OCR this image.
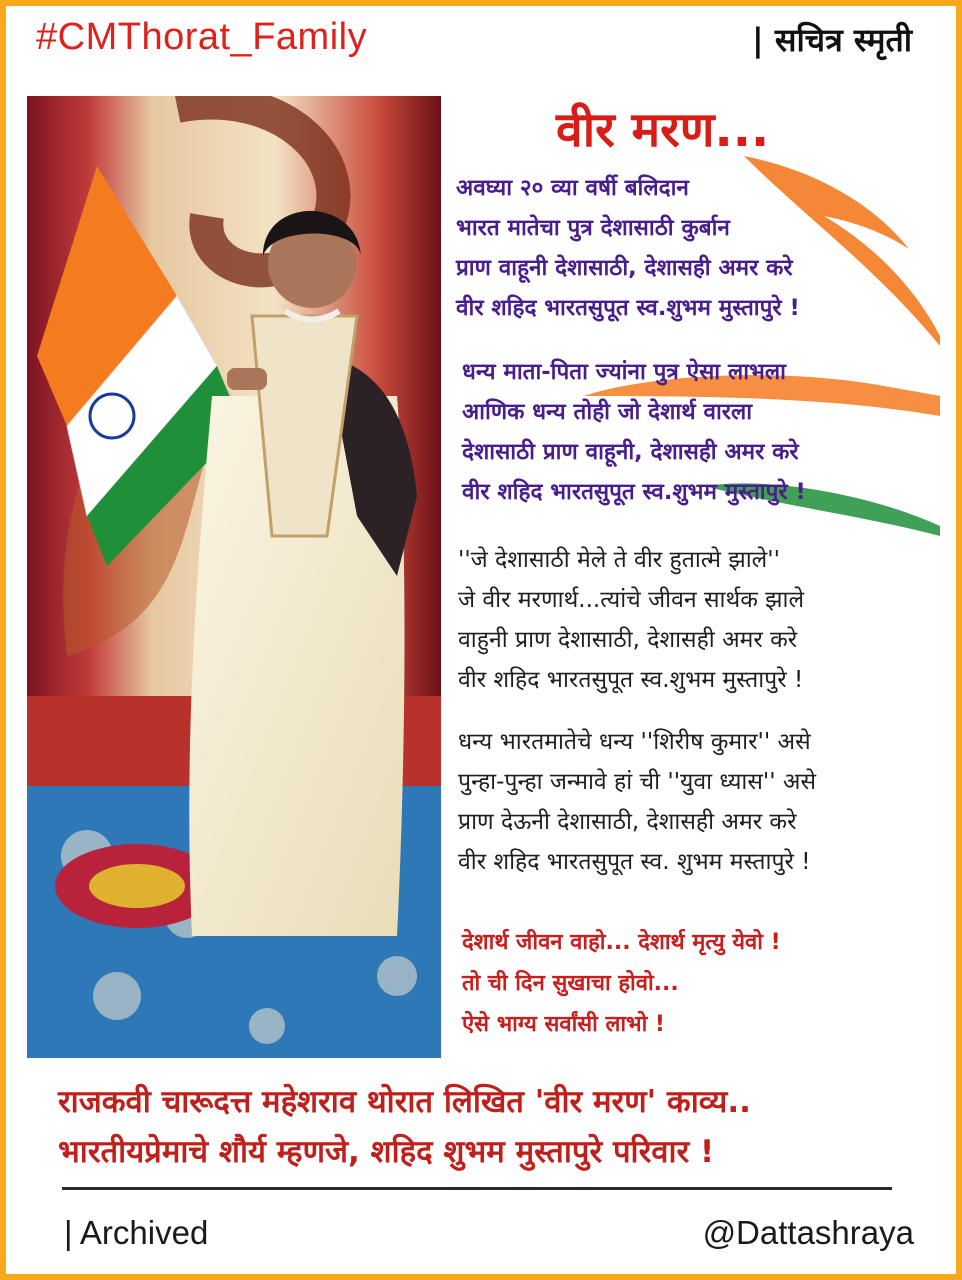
#CMThorat_Family	| सचित्र स्मृती
वीर मरण...

अवघ्या २० व्या वर्षी बलिदान

भारत मातेचा पुत्र देशासाठी कुर्बान

प्राण वाहूनी देशासाठी, देशासही अमर करे

वीर शहिद भारतसुपूत स्व.शुभम मुस्तापुरे !

धन्य माता-पिता ज्यांना पुत्र ऐसा लाभला

आणिक धन्य तोही जो देशार्थ वारला

देशासाठी प्राण वाहूनी, देशासही अमर करे

वीर शहिद भारतसुपूत स्व.शुभम मुस्तापुरे !

''जे देशासाठी मेले ते वीर हुतात्मे झाले''

जे वीर मरणार्थ...त्यांचे जीवन सार्थक झाले

वाहुनी प्राण देशासाठी, देशासही अमर करे

वीर शहिद भारतसुपूत स्व.शुभम मुस्तापुरे !

धन्य भारतमातेचे धन्य ''शिरीष कुमार'' असे

पुन्हा-पुन्हा जन्मावे हां ची ''युवा ध्यास'' असे

प्राण देऊनी देशासाठी, देशासही अमर करे

वीर शहिद भारतसुपूत स्व. शुभम मस्तापुरे !

देशार्थ जीवन वाहो... देशार्थ मृत्यु येवो !

तो ची दिन सुखाचा होवो...

ऐसे भाग्य सर्वांसी लाभो !

राजकवी चारूदत्त महेशराव थोरात लिखित 'वीर मरण' काव्य..
भारतीयप्रेमाचे शौर्य म्हणजे, शहिद शुभम मुस्तापुरे परिवार !
| Archived	@Dattashraya
